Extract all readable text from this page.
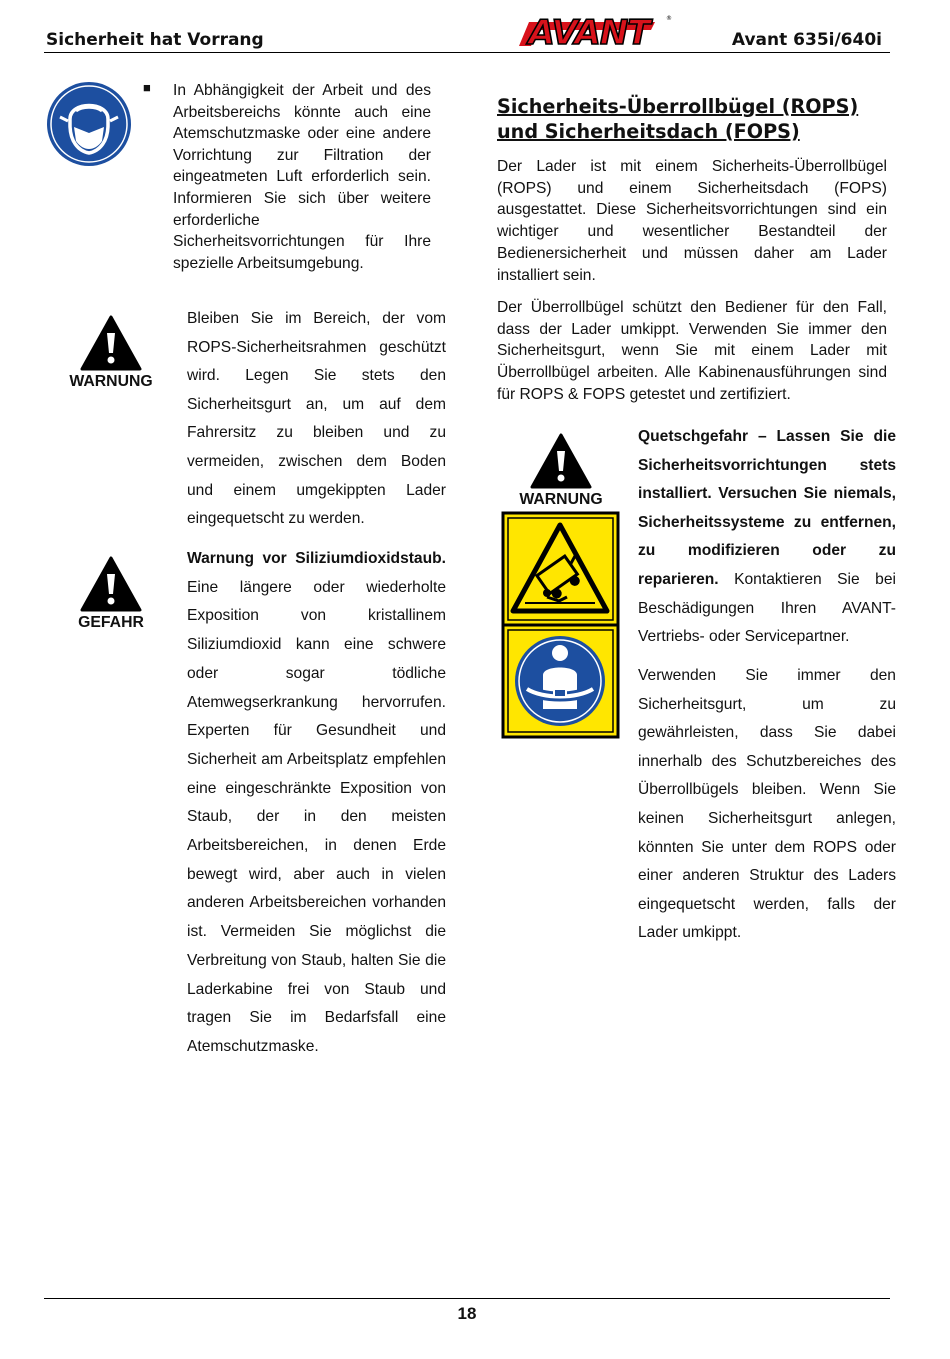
Sicherheit hat Vorrang	AVANT	®
Avant 635i/640i
■ In Abhängigkeit der Arbeit und des Arbeitsbereichs könnte auch eine Atemschutzmaske oder eine andere Vorrichtung zur Filtration der eingeatmeten Luft erforderlich sein. Informieren Sie sich über weitere erforderliche Sicherheitsvorrichtungen für Ihre spezielle Arbeitsumgebung.
WARNUNG
Bleiben Sie im Bereich, der vom ROPS-Sicherheitsrahmen geschützt wird. Legen Sie stets den Sicherheitsgurt an, um auf dem Fahrersitz zu bleiben und zu vermeiden, zwischen dem Boden und einem umgekippten Lader eingequetscht zu werden.
GEFAHR
Warnung vor Siliziumdioxidstaub. Eine längere oder wiederholte Exposition von kristallinem Siliziumdioxid kann eine schwere oder sogar tödliche Atemwegserkrankung hervorrufen. Experten für Gesundheit und Sicherheit am Arbeitsplatz empfehlen eine eingeschränkte Exposition von Staub, der in den meisten Arbeitsbereichen, in denen Erde bewegt wird, aber auch in vielen anderen Arbeitsbereichen vorhanden ist. Vermeiden Sie möglichst die Verbreitung von Staub, halten Sie die Laderkabine frei von Staub und tragen Sie im Bedarfsfall eine Atemschutzmaske.
Sicherheits-Überrollbügel (ROPS) und Sicherheitsdach (FOPS)
Der Lader ist mit einem Sicherheits-Überrollbügel (ROPS) und einem Sicherheitsdach (FOPS) ausgestattet. Diese Sicherheitsvorrichtungen sind ein wichtiger und wesentlicher Bestandteil der Bedienersicherheit und müssen daher am Lader installiert sein.
Der Überrollbügel schützt den Bediener für den Fall, dass der Lader umkippt. Verwenden Sie immer den Sicherheitsgurt, wenn Sie mit einem Lader mit Überrollbügel arbeiten. Alle Kabinenausführungen sind für ROPS & FOPS getestet und zertifiziert.
WARNUNG
Quetschgefahr – Lassen Sie die Sicherheitsvorrichtungen stets installiert. Versuchen Sie niemals, Sicherheitssysteme zu entfernen, zu modifizieren oder zu reparieren. Kontaktieren Sie bei Beschädigungen Ihren AVANT-Vertriebs- oder Servicepartner.
Verwenden Sie immer den Sicherheitsgurt, um zu gewährleisten, dass Sie dabei innerhalb des Schutzbereiches des Überrollbügels bleiben. Wenn Sie keinen Sicherheitsgurt anlegen, könnten Sie unter dem ROPS oder einer anderen Struktur des Laders eingequetscht werden, falls der Lader umkippt.
18
